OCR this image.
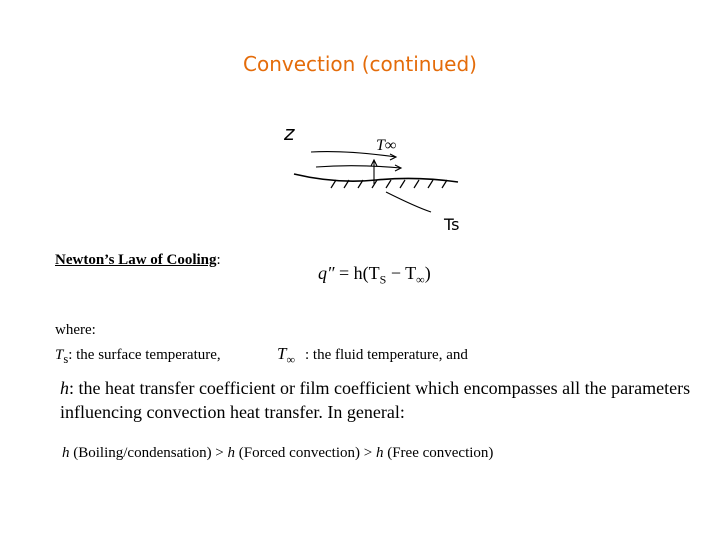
Convection (continued)
z
T∞
Ts
Newton’s Law of Cooling:
$q'' = h(T_S - T_\infty)$
where:
$T_s$: the surface temperature,	$T_\infty$ : the fluid temperature, and
h: the heat transfer coefficient or film coefficient which encompasses all the parameters influencing convection heat transfer. In general:
h (Boiling/condensation) > h (Forced convection) > h (Free convection)
